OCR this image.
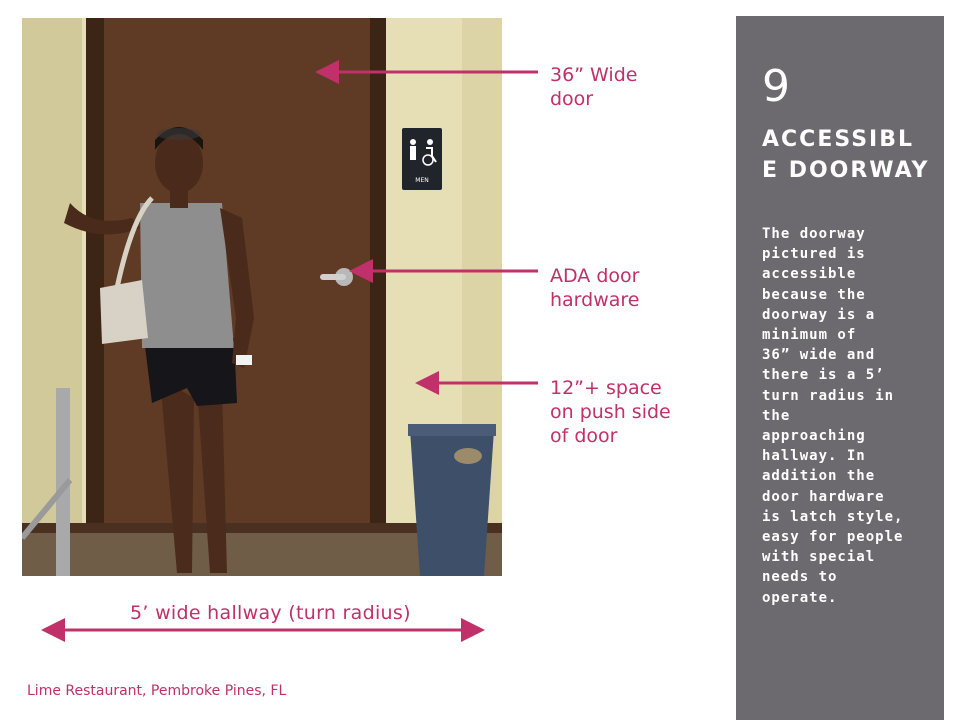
MEN

36” Wide
door

ADA door
hardware

12”+ space
on push side
of door

5’ wide hallway (turn radius)

Lime Restaurant, Pembroke Pines, FL

9

ACCESSIBL
E DOORWAY

The doorway
pictured is
accessible
because the
doorway is a
minimum of
36” wide and
there is a 5’
turn radius in
the
approaching
hallway. In
addition the
door hardware
is latch style,
easy for people
with special
needs to
operate.
